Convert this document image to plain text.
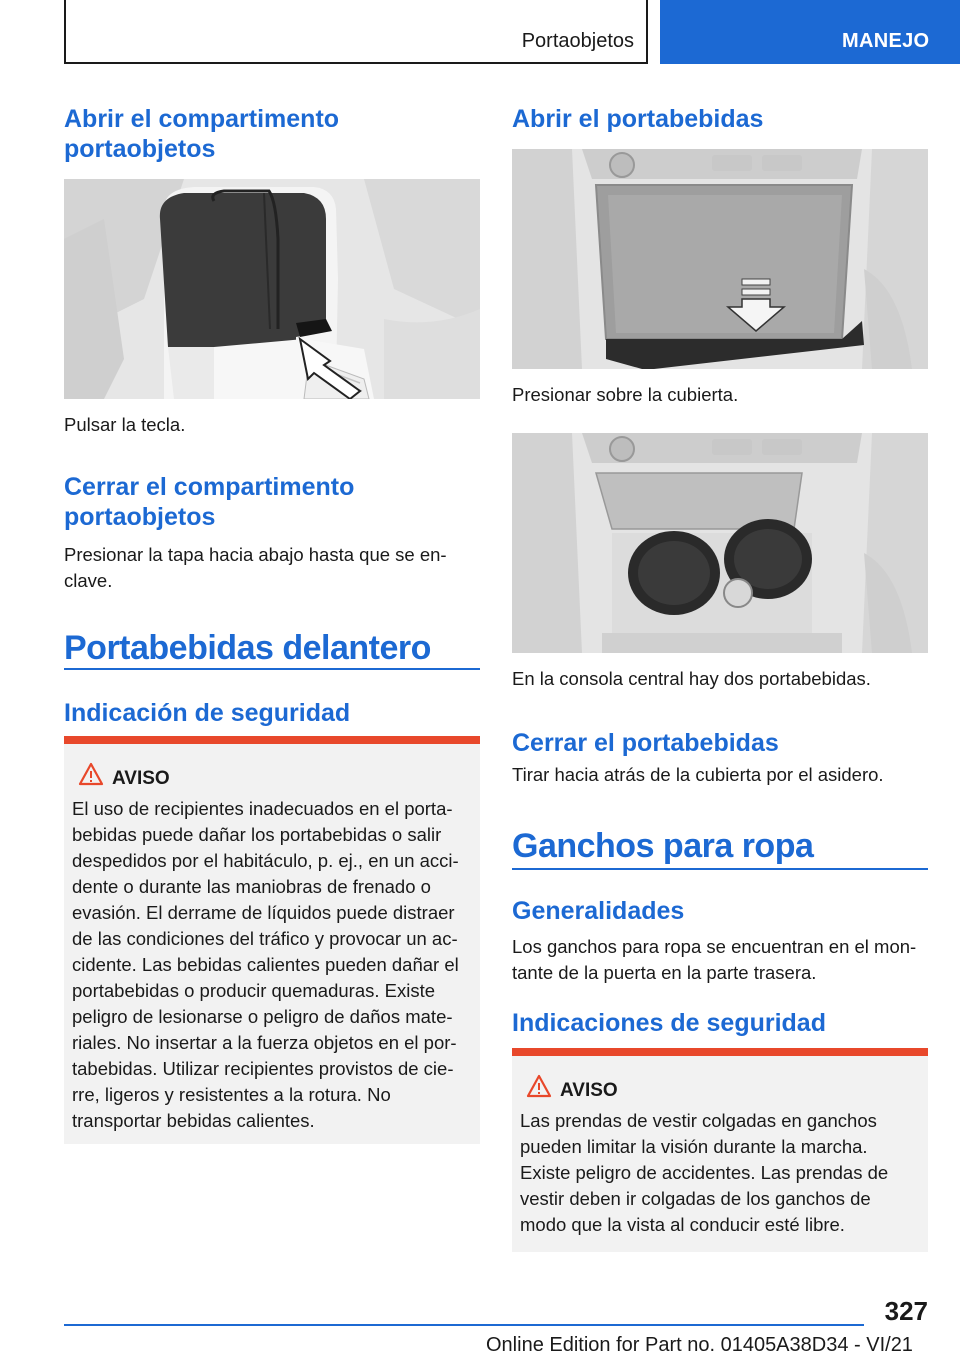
Portaobjetos	MANEJO
Abrir el compartimento portaobjetos

Pulsar la tecla.

Cerrar el compartimento portaobjetos

Presionar la tapa hacia abajo hasta que se en-
clave.

Portabebidas delantero
Indicación de seguridad
AVISO
El uso de recipientes inadecuados en el porta-
bebidas puede dañar los portabebidas o salir
despedidos por el habitáculo, p. ej., en un acci-
dente o durante las maniobras de frenado o
evasión. El derrame de líquidos puede distraer
de las condiciones del tráfico y provocar un ac-
cidente. Las bebidas calientes pueden dañar el
portabebidas o producir quemaduras. Existe
peligro de lesionarse o peligro de daños mate-
riales. No insertar a la fuerza objetos en el por-
tabebidas. Utilizar recipientes provistos de cie-
rre, ligeros y resistentes a la rotura. No
transportar bebidas calientes.
Abrir el portabebidas

Presionar sobre la cubierta.

En la consola central hay dos portabebidas.

Cerrar el portabebidas

Tirar hacia atrás de la cubierta por el asidero.

Ganchos para ropa
Generalidades

Los ganchos para ropa se encuentran en el mon-
tante de la puerta en la parte trasera.

Indicaciones de seguridad
AVISO
Las prendas de vestir colgadas en ganchos
pueden limitar la visión durante la marcha.
Existe peligro de accidentes. Las prendas de
vestir deben ir colgadas de los ganchos de
modo que la vista al conducir esté libre.
327
Online Edition for Part no. 01405A38D34 - VI/21
